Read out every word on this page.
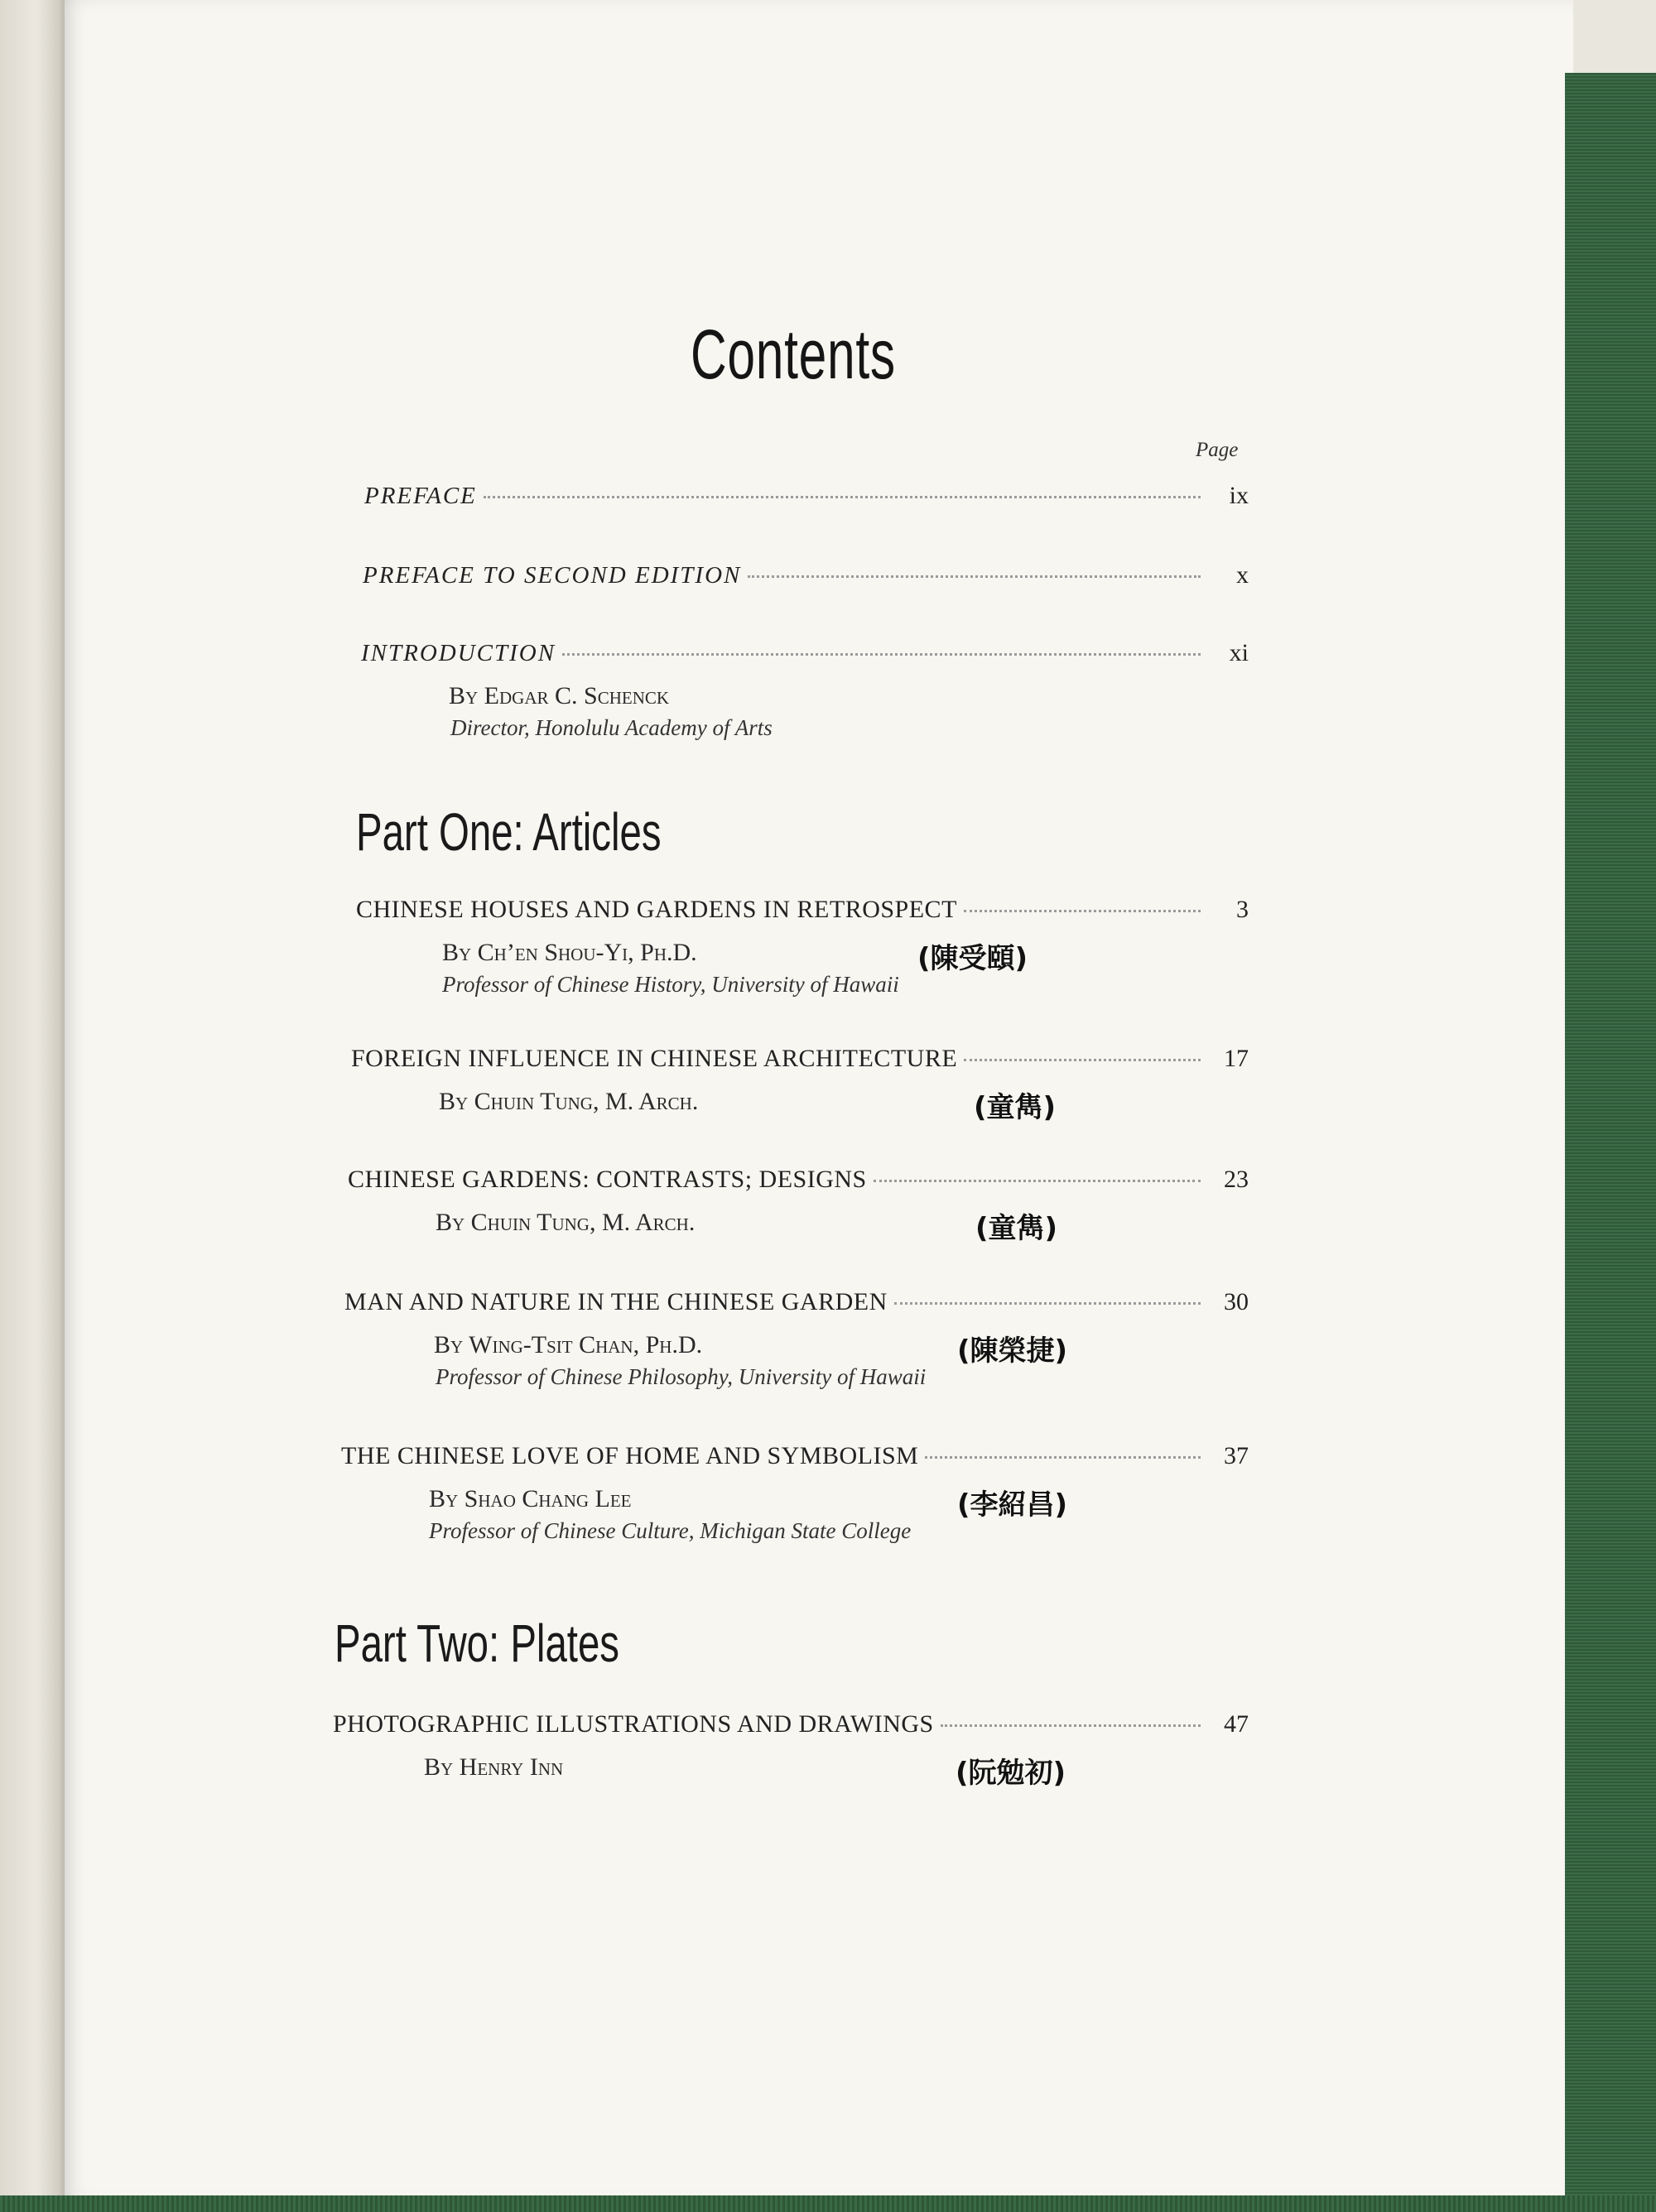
Contents
Page
PREFACE	ix
PREFACE TO SECOND EDITION	x
INTRODUCTION	xi
By Edgar C. Schenck
Director, Honolulu Academy of Arts
Part One: Articles
CHINESE HOUSES AND GARDENS IN RETROSPECT	3
By Ch’en Shou-Yi, Ph.D.	(陳受頤)
Professor of Chinese History, University of Hawaii
FOREIGN INFLUENCE IN CHINESE ARCHITECTURE	17
By Chuin Tung, M. Arch.	(童雋)
CHINESE GARDENS: CONTRASTS; DESIGNS	23
By Chuin Tung, M. Arch.	(童雋)
MAN AND NATURE IN THE CHINESE GARDEN	30
By Wing-Tsit Chan, Ph.D.	(陳榮捷)
Professor of Chinese Philosophy, University of Hawaii
THE CHINESE LOVE OF HOME AND SYMBOLISM	37
By Shao Chang Lee	(李紹昌)
Professor of Chinese Culture, Michigan State College
Part Two: Plates
PHOTOGRAPHIC ILLUSTRATIONS AND DRAWINGS	47
By Henry Inn	(阮勉初)
